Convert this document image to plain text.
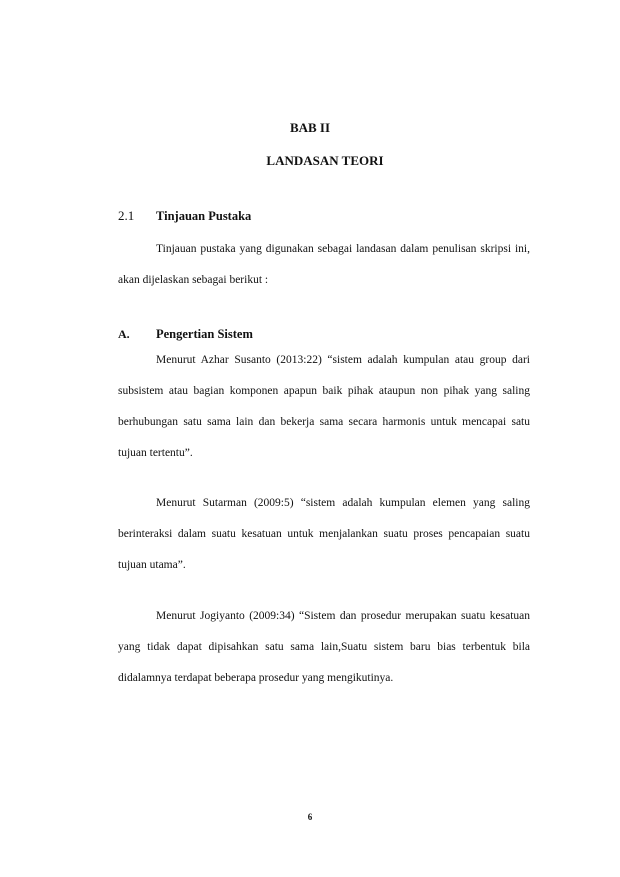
BAB II
LANDASAN TEORI
2.1 Tinjauan Pustaka

Tinjauan pustaka yang digunakan sebagai landasan dalam penulisan skripsi ini, akan dijelaskan sebagai berikut :

A. Pengertian Sistem

Menurut Azhar Susanto (2013:22) “sistem adalah kumpulan atau group dari subsistem atau bagian komponen apapun baik pihak ataupun non pihak yang saling berhubungan satu sama lain dan bekerja sama secara harmonis untuk mencapai satu tujuan tertentu”.

Menurut Sutarman (2009:5) “sistem adalah kumpulan elemen yang saling berinteraksi dalam suatu kesatuan untuk menjalankan suatu proses pencapaian suatu tujuan utama”.

Menurut Jogiyanto (2009:34) “Sistem dan prosedur merupakan suatu kesatuan yang tidak dapat dipisahkan satu sama lain,Suatu sistem baru bias terbentuk bila didalamnya terdapat beberapa prosedur yang mengikutinya.

6
